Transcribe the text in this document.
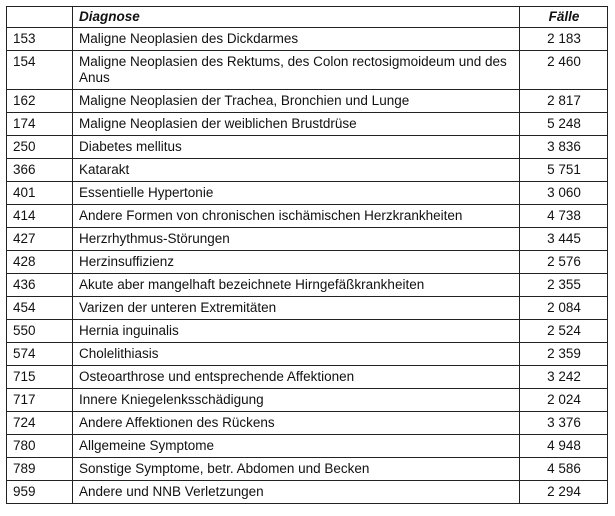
	Diagnose	Fälle
153	Maligne Neoplasien des Dickdarmes	2 183
154	Maligne Neoplasien des Rektums, des Colon rectosigmoideum und des Anus	2 460
162	Maligne Neoplasien der Trachea, Bronchien und Lunge	2 817
174	Maligne Neoplasien der weiblichen Brustdrüse	5 248
250	Diabetes mellitus	3 836
366	Katarakt	5 751
401	Essentielle Hypertonie	3 060
414	Andere Formen von chronischen ischämischen Herzkrankheiten	4 738
427	Herzrhythmus-Störungen	3 445
428	Herzinsuffizienz	2 576
436	Akute aber mangelhaft bezeichnete Hirngefäßkrankheiten	2 355
454	Varizen der unteren Extremitäten	2 084
550	Hernia inguinalis	2 524
574	Cholelithiasis	2 359
715	Osteoarthrose und entsprechende Affektionen	3 242
717	Innere Kniegelenksschädigung	2 024
724	Andere Affektionen des Rückens	3 376
780	Allgemeine Symptome	4 948
789	Sonstige Symptome, betr. Abdomen und Becken	4 586
959	Andere und NNB Verletzungen	2 294
